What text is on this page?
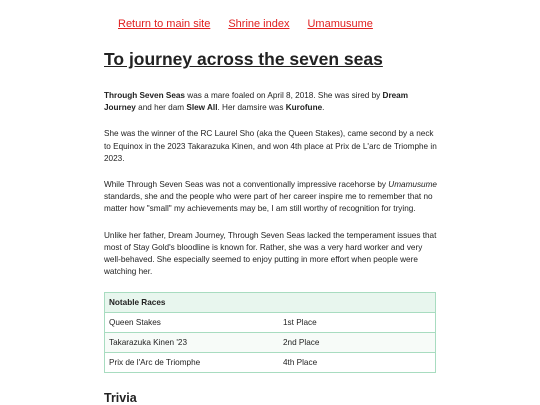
Return to main site Shrine index Umamusume
To journey across the seven seas

Through Seven Seas was a mare foaled on April 8, 2018. She was sired by Dream Journey and her dam Slew All. Her damsire was Kurofune.

She was the winner of the RC Laurel Sho (aka the Queen Stakes), came second by a neck to Equinox in the 2023 Takarazuka Kinen, and won 4th place at Prix de L'arc de Triomphe in 2023.

While Through Seven Seas was not a conventionally impressive racehorse by Umamusume standards, she and the people who were part of her career inspire me to remember that no matter how "small" my achievements may be, I am still worthy of recognition for trying.

Unlike her father, Dream Journey, Through Seven Seas lacked the temperament issues that most of Stay Gold's bloodline is known for. Rather, she was a very hard worker and very well-behaved. She especially seemed to enjoy putting in more effort when people were watching her.

Notable Races	
Queen Stakes	1st Place
Takarazuka Kinen '23	2nd Place
Prix de l'Arc de Triomphe	4th Place
Trivia
